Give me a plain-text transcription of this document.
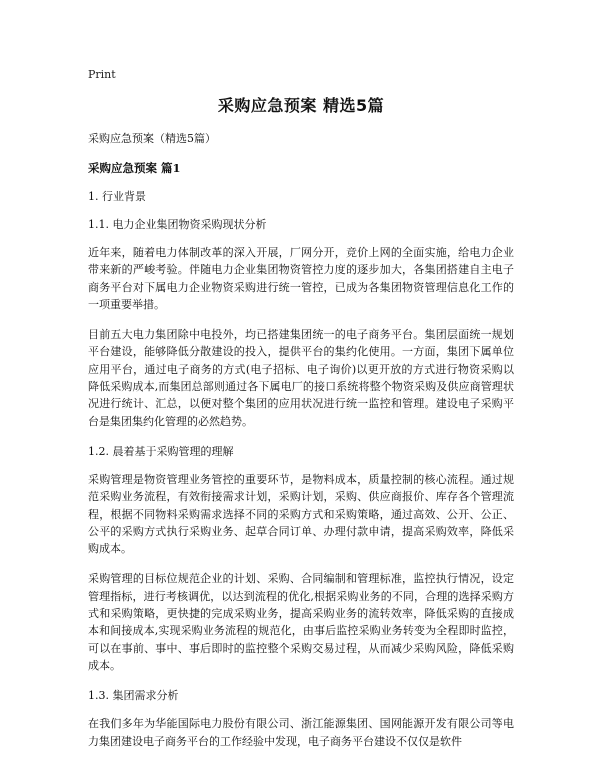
Print

采购应急预案 精选5篇

采购应急预案（精选5篇）

采购应急预案 篇1

1. 行业背景

1.1. 电力企业集团物资采购现状分析

近年来，随着电力体制改革的深入开展，厂网分开，竞价上网的全面实施，给电力企业带来新的严峻考验。伴随电力企业集团物资管控力度的逐步加大，各集团搭建自主电子商务平台对下属电力企业物资采购进行统一管控，已成为各集团物资管理信息化工作的一项重要举措。

目前五大电力集团除中电投外，均已搭建集团统一的电子商务平台。集团层面统一规划平台建设，能够降低分散建设的投入，提供平台的集约化使用。一方面，集团下属单位应用平台，通过电子商务的方式(电子招标、电子询价)以更开放的方式进行物资采购以降低采购成本,而集团总部则通过各下属电厂的接口系统将整个物资采购及供应商管理状况进行统计、汇总，以便对整个集团的应用状况进行统一监控和管理。建设电子采购平台是集团集约化管理的必然趋势。

1.2. 晨着基于采购管理的理解

采购管理是物资管理业务管控的重要环节，是物料成本，质量控制的核心流程。通过规范采购业务流程，有效衔接需求计划，采购计划，采购、供应商报价、库存各个管理流程，根据不同物料采购需求选择不同的采购方式和采购策略，通过高效、公开、公正、公平的采购方式执行采购业务、起草合同订单、办理付款申请，提高采购效率，降低采购成本。

采购管理的目标位规范企业的计划、采购、合同编制和管理标准，监控执行情况，设定管理指标，进行考核调优，以达到流程的优化,根据采购业务的不同，合理的选择采购方式和采购策略，更快捷的完成采购业务，提高采购业务的流转效率，降低采购的直接成本和间接成本,实现采购业务流程的规范化，由事后监控采购业务转变为全程即时监控，可以在事前、事中、事后即时的监控整个采购交易过程，从而减少采购风险，降低采购成本。

1.3. 集团需求分析

在我们多年为华能国际电力股份有限公司、浙江能源集团、国网能源开发有限公司等电力集团建设电子商务平台的工作经验中发现，电子商务平台建设不仅仅是软件
